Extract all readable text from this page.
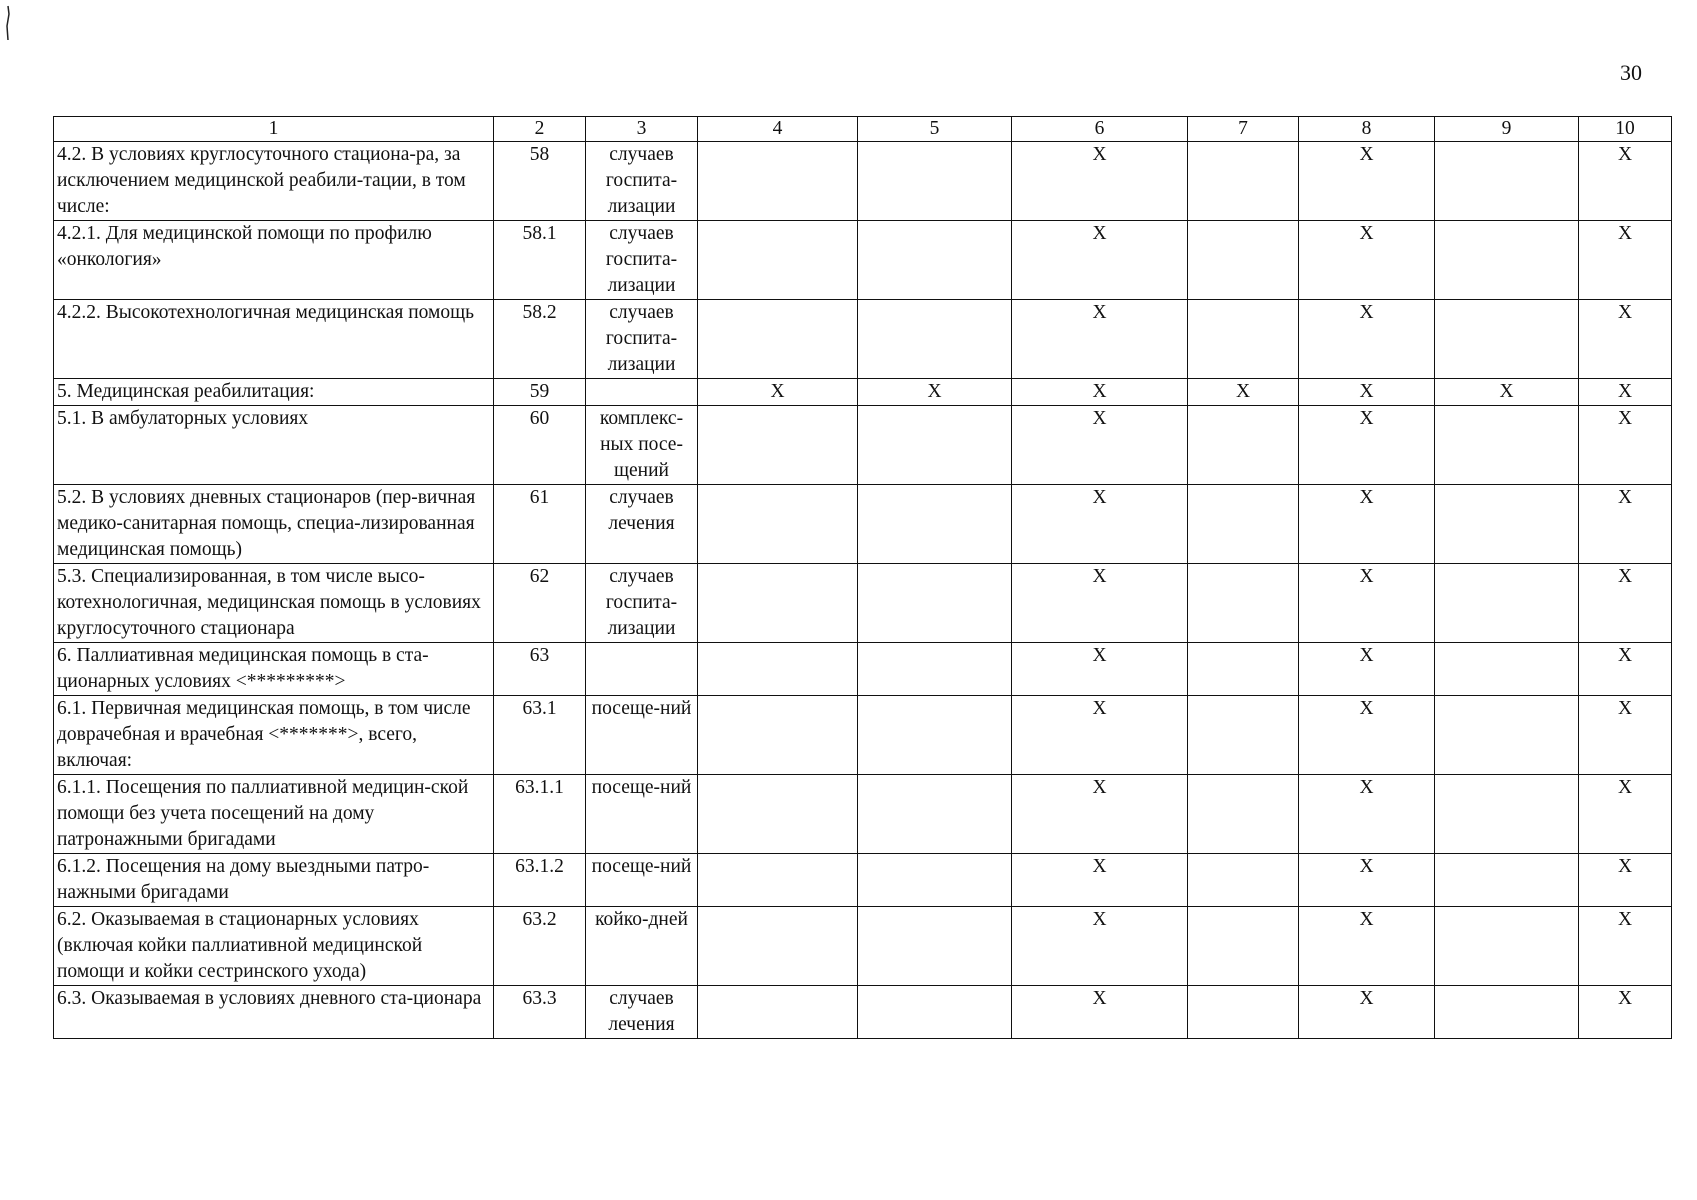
30
1	2	3	4	5	6	7	8	9	10
4.2. В условиях круглосуточного стациона-ра, за исключением медицинской реабили-тации, в том числе:	58	случаев госпита-лизации			X		X		X
4.2.1. Для медицинской помощи по профилю «онкология»	58.1	случаев госпита-лизации			X		X		X
4.2.2. Высокотехнологичная медицинская помощь	58.2	случаев госпита-лизации			X		X		X
5. Медицинская реабилитация:	59		X	X	X	X	X	X	X
5.1. В амбулаторных условиях	60	комплекс-ных посе-щений			X		X		X
5.2. В условиях дневных стационаров (пер-вичная медико-санитарная помощь, специа-лизированная медицинская помощь)	61	случаев лечения			X		X		X
5.3. Специализированная, в том числе высо-котехнологичная, медицинская помощь в условиях круглосуточного стационара	62	случаев госпита-лизации			X		X		X
6. Паллиативная медицинская помощь в ста-ционарных условиях <*********>	63				X		X		X
6.1. Первичная медицинская помощь, в том числе доврачебная и врачебная <*******>, всего, включая:	63.1	посеще-ний			X		X		X
6.1.1. Посещения по паллиативной медицин-ской помощи без учета посещений на дому патронажными бригадами	63.1.1	посеще-ний			X		X		X
6.1.2. Посещения на дому выездными патро-нажными бригадами	63.1.2	посеще-ний			X		X		X
6.2. Оказываемая в стационарных условиях (включая койки паллиативной медицинской помощи и койки сестринского ухода)	63.2	койко-дней			X		X		X
6.3. Оказываемая в условиях дневного ста-ционара	63.3	случаев лечения			X		X		X
